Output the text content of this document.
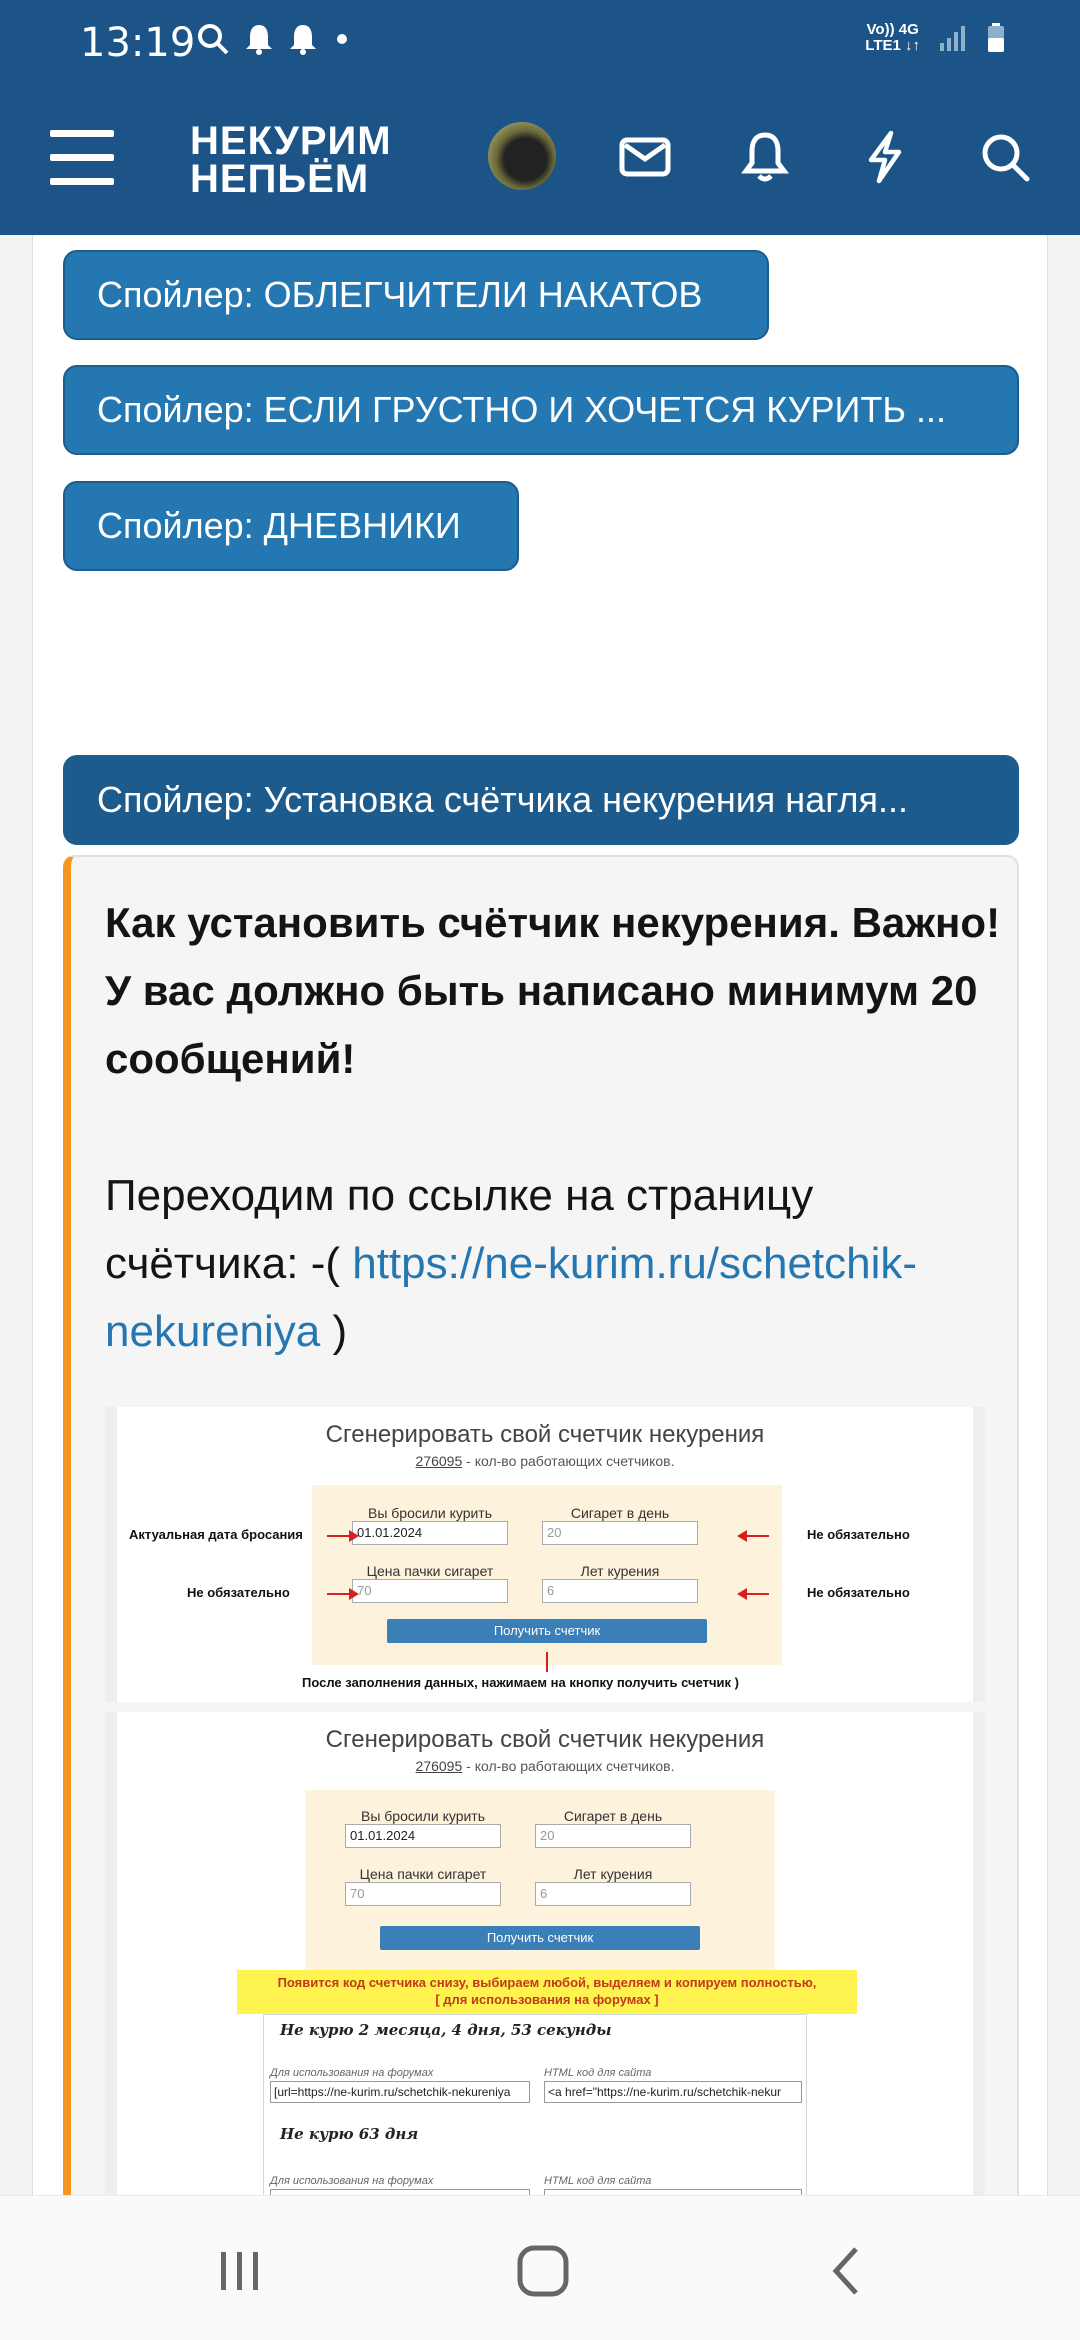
13:19	Vo)) 4G
LTE1 ↓↑
НЕКУРИМ
НЕПЬЁМ
Спойлер: ОБЛЕГЧИТЕЛИ НАКАТОВ
Спойлер: ЕСЛИ ГРУСТНО И ХОЧЕТСЯ КУРИТЬ ...
Спойлер: ДНЕВНИКИ
Спойлер: Установка счётчика некурения нагля...
Как установить счётчик некурения. Важно! У вас должно быть написано минимум 20 сообщений!
Переходим по ссылке на страницу счётчика: -( https://ne-kurim.ru/schetchik-nekureniya )
Сгенерировать свой счетчик некурения
276095 - кол-во работающих счетчиков.
Вы бросили курить	Сигарет в день
01.01.2024	20
Цена пачки сигарет	Лет курения
70	6
Получить счетчик
Актуальная дата бросания	Не обязательно
Не обязательно	Не обязательно
После заполнения данных, нажимаем на кнопку получить счетчик )
Сгенерировать свой счетчик некурения
276095 - кол-во работающих счетчиков.
Вы бросили курить	Сигарет в день
01.01.2024	20
Цена пачки сигарет	Лет курения
70	6
Получить счетчик
Появится код счетчика снизу, выбираем любой, выделяем и копируем полностью,
[ для использования на форумах ]
Не курю 2 месяца, 4 дня, 53 секунды
Для использования на форумах	HTML код для сайта
[url=https://ne-kurim.ru/schetchik-nekureniya	<a href="https://ne-kurim.ru/schetchik-nekur
Не курю 63 дня
Для использования на форумах	HTML код для сайта
